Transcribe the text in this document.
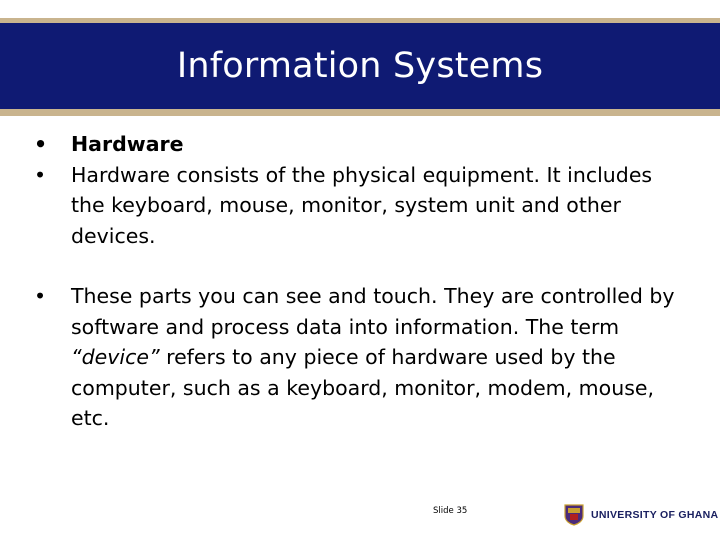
Information Systems
•	Hardware
•	Hardware consists of the physical equipment. It includes the keyboard, mouse, monitor, system unit and other devices.
•	These parts you can see and touch. They are controlled by software and process data into information. The term “device” refers to any piece of hardware used by the computer, such as a keyboard, monitor, modem, mouse, etc.
Slide 35	UNIVERSITY OF GHANA
